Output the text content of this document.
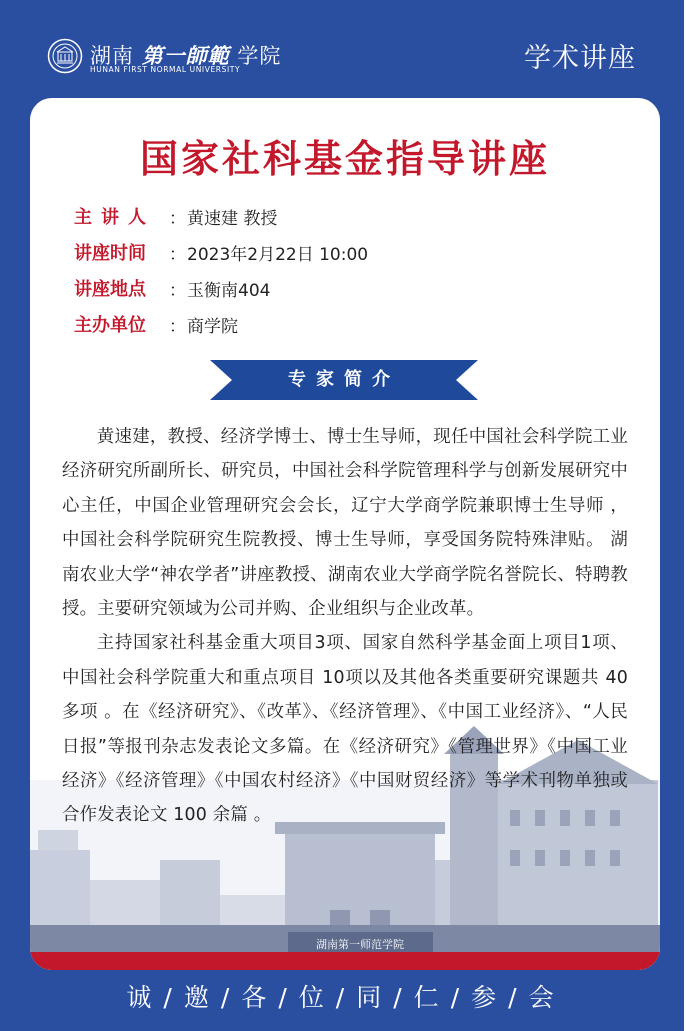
湖南 第一師範 学院
HUNAN FIRST NORMAL UNIVERSITY	学术讲座
湖南第一师范学院
国家社科基金指导讲座
主讲人 ： 黄速建 教授
讲座时间	： 2023年2月22日 10:00
讲座地点	： 玉衡南404
主办单位	： 商学院
专家简介

黄速建，教授、经济学博士、博士生导师，现任中国社会科学院工业经济研究所副所长、研究员，中国社会科学院管理科学与创新发展研究中心主任，中国企业管理研究会会长，辽宁大学商学院兼职博士生导师 ，中国社会科学院研究生院教授、博士生导师，享受国务院特殊津贴。 湖南农业大学“神农学者”讲座教授、湖南农业大学商学院名誉院长、特聘教授。主要研究领域为公司并购、企业组织与企业改革。

主持国家社科基金重大项目3项、国家自然科学基金面上项目1项、中国社会科学院重大和重点项目 10项以及其他各类重要研究课题共 40 多项 。在《经济研究》、《改革》、《经济管理》、《中国工业经济》、“人民日报”等报刊杂志发表论文多篇。在《经济研究》《管理世界》《中国工业经济》《经济管理》《中国农村经济》《中国财贸经济》等学术刊物单独或合作发表论文 100 余篇 。

诚 / 邀 / 各 / 位 / 同 / 仁 / 参 / 会
